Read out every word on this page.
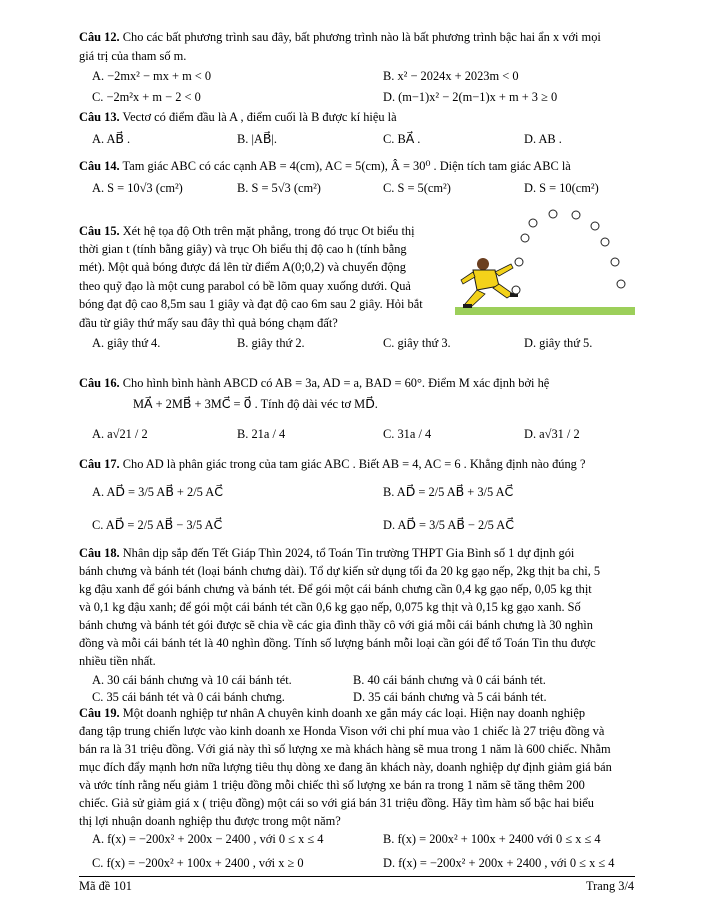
Câu 12. Cho các bất phương trình sau đây, bất phương trình nào là bất phương trình bậc hai ẩn x với mọi
giá trị của tham số m.
A. −2mx² − mx + m < 0	B. x² − 2024x + 2023m < 0
C. −2m²x + m − 2 < 0	D. (m−1)x² − 2(m−1)x + m + 3 ≥ 0
Câu 13. Vectơ có điểm đầu là A , điểm cuối là B được kí hiệu là
A. AB⃗ .	B. |AB⃗|.	C. BA⃗ .	D. AB .
Câu 14. Tam giác ABC có các cạnh AB = 4(cm), AC = 5(cm), Â = 30⁰ . Diện tích tam giác ABC là
A. S = 10√3 (cm²)	B. S = 5√3 (cm²)	C. S = 5(cm²)	D. S = 10(cm²)
Câu 15. Xét hệ tọa độ Oth trên mặt phẳng, trong đó trục Ot biểu thị
thời gian t (tính bằng giây) và trục Oh biểu thị độ cao h (tính bằng
mét). Một quả bóng được đá lên từ điểm A(0;0,2) và chuyển động
theo quỹ đạo là một cung parabol có bề lõm quay xuống dưới. Quả
bóng đạt độ cao 8,5m sau 1 giây và đạt độ cao 6m sau 2 giây. Hỏi bắt
đầu từ giây thứ mấy sau đây thì quả bóng chạm đất?
A. giây thứ 4.	B. giây thứ 2.	C. giây thứ 3.	D. giây thứ 5.
Câu 16. Cho hình bình hành ABCD có AB = 3a, AD = a, BAD = 60°. Điểm M xác định bởi hệ
MA⃗ + 2MB⃗ + 3MC⃗ = 0⃗ . Tính độ dài véc tơ MD⃗.
A. a√21 / 2	B. 21a / 4	C. 31a / 4	D. a√31 / 2
Câu 17. Cho AD là phân giác trong của tam giác ABC . Biết AB = 4, AC = 6 . Khẳng định nào đúng ?
A. AD⃗ = 3/5 AB⃗ + 2/5 AC⃗	B. AD⃗ = 2/5 AB⃗ + 3/5 AC⃗
C. AD⃗ = 2/5 AB⃗ − 3/5 AC⃗	D. AD⃗ = 3/5 AB⃗ − 2/5 AC⃗
Câu 18. Nhân dịp sắp đến Tết Giáp Thìn 2024, tổ Toán Tin trường THPT Gia Bình số 1 dự định gói
bánh chưng và bánh tét (loại bánh chưng dài). Tổ dự kiến sử dụng tối đa 20 kg gạo nếp, 2kg thịt ba chỉ, 5
kg đậu xanh để gói bánh chưng và bánh tét. Để gói một cái bánh chưng cần 0,4 kg gạo nếp, 0,05 kg thịt
và 0,1 kg đậu xanh; để gói một cái bánh tét cần 0,6 kg gạo nếp, 0,075 kg thịt và 0,15 kg gạo xanh. Số
bánh chưng và bánh tét gói được sẽ chia về các gia đình thầy cô với giá mỗi cái bánh chưng là 30 nghìn
đồng và mỗi cái bánh tét là 40 nghìn đồng. Tính số lượng bánh mỗi loại cần gói để tổ Toán Tin thu được
nhiều tiền nhất.
A. 30 cái bánh chưng và 10 cái bánh tét.	B. 40 cái bánh chưng và 0 cái bánh tét.
C. 35 cái bánh tét và 0 cái bánh chưng.	D. 35 cái bánh chưng và 5 cái bánh tét.
Câu 19. Một doanh nghiệp tư nhân A chuyên kinh doanh xe gắn máy các loại. Hiện nay doanh nghiệp
đang tập trung chiến lược vào kinh doanh xe Honda Vison với chi phí mua vào 1 chiếc là 27 triệu đồng và
bán ra là 31 triệu đồng. Với giá này thì số lượng xe mà khách hàng sẽ mua trong 1 năm là 600 chiếc. Nhằm
mục đích đẩy mạnh hơn nữa lượng tiêu thụ dòng xe đang ăn khách này, doanh nghiệp dự định giảm giá bán
và ước tính rằng nếu giảm 1 triệu đồng mỗi chiếc thì số lượng xe bán ra trong 1 năm sẽ tăng thêm 200
chiếc. Giả sử giảm giá x ( triệu đồng) một cái so với giá bán 31 triệu đồng. Hãy tìm hàm số bậc hai biểu
thị lợi nhuận doanh nghiệp thu được trong một năm?
A. f(x) = −200x² + 200x − 2400 , với 0 ≤ x ≤ 4	B. f(x) = 200x² + 100x + 2400 với 0 ≤ x ≤ 4
C. f(x) = −200x² + 100x + 2400 , với x ≥ 0	D. f(x) = −200x² + 200x + 2400 , với 0 ≤ x ≤ 4
Mã đề 101	Trang 3/4
